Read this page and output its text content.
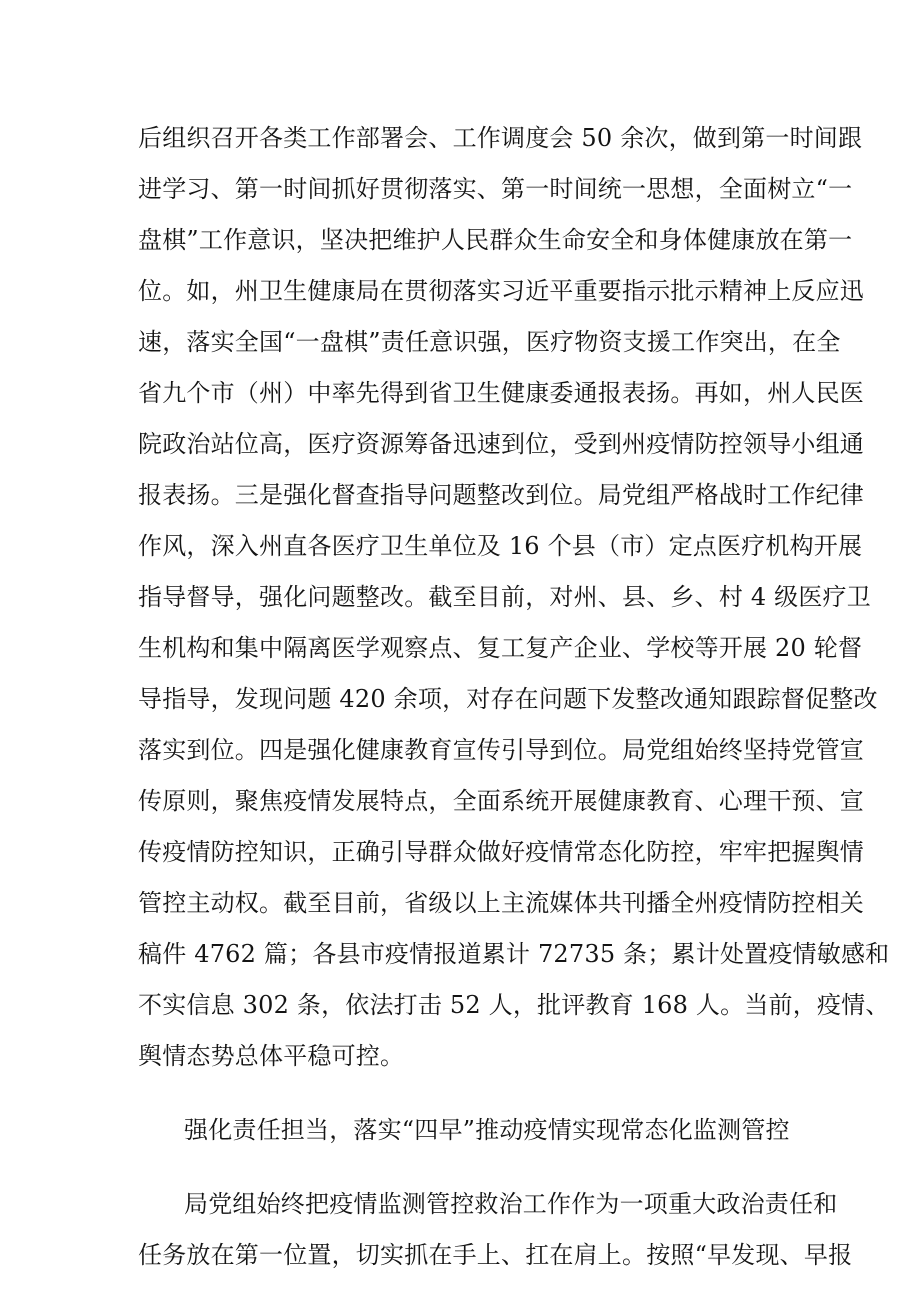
后组织召开各类工作部署会、工作调度会 50 余次，做到第一时间跟
进学习、第一时间抓好贯彻落实、第一时间统一思想，全面树立“一
盘棋”工作意识，坚决把维护人民群众生命安全和身体健康放在第一
位。如，州卫生健康局在贯彻落实习近平重要指示批示精神上反应迅
速，落实全国“一盘棋”责任意识强，医疗物资支援工作突出，在全
省九个市（州）中率先得到省卫生健康委通报表扬。再如，州人民医
院政治站位高，医疗资源筹备迅速到位，受到州疫情防控领导小组通
报表扬。三是强化督查指导问题整改到位。局党组严格战时工作纪律
作风，深入州直各医疗卫生单位及 16 个县（市）定点医疗机构开展
指导督导，强化问题整改。截至目前，对州、县、乡、村 4 级医疗卫
生机构和集中隔离医学观察点、复工复产企业、学校等开展 20 轮督
导指导，发现问题 420 余项，对存在问题下发整改通知跟踪督促整改
落实到位。四是强化健康教育宣传引导到位。局党组始终坚持党管宣
传原则，聚焦疫情发展特点，全面系统开展健康教育、心理干预、宣
传疫情防控知识，正确引导群众做好疫情常态化防控，牢牢把握舆情
管控主动权。截至目前，省级以上主流媒体共刊播全州疫情防控相关
稿件 4762 篇；各县市疫情报道累计 72735 条；累计处置疫情敏感和
不实信息 302 条，依法打击 52 人，批评教育 168 人。当前，疫情、
舆情态势总体平稳可控。
强化责任担当，落实“四早”推动疫情实现常态化监测管控
局党组始终把疫情监测管控救治工作作为一项重大政治责任和
任务放在第一位置，切实抓在手上、扛在肩上。按照“早发现、早报
